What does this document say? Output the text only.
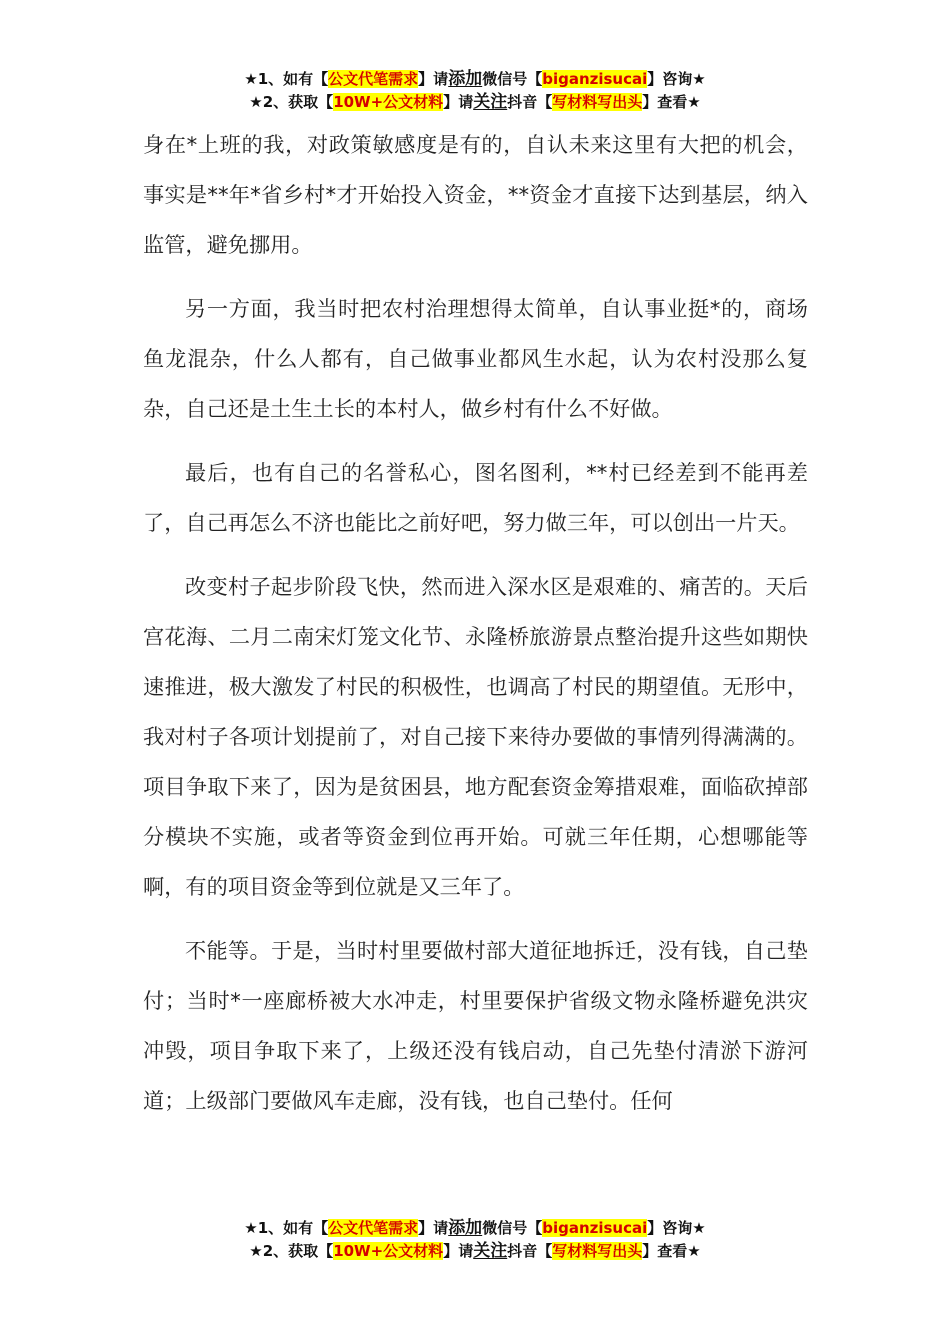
★1、如有【公文代笔需求】请添加微信号【biganzisucai】咨询★
★2、获取【10W+公文材料】请关注抖音【写材料写出头】查看★

身在*上班的我，对政策敏感度是有的，自认未来这里有大把的机会，事实是**年*省乡村*才开始投入资金，**资金才直接下达到基层，纳入监管，避免挪用。

另一方面，我当时把农村治理想得太简单，自认事业挺*的，商场鱼龙混杂，什么人都有，自己做事业都风生水起，认为农村没那么复杂，自己还是土生土长的本村人，做乡村有什么不好做。

最后，也有自己的名誉私心，图名图利，**村已经差到不能再差了，自己再怎么不济也能比之前好吧，努力做三年，可以创出一片天。

改变村子起步阶段飞快，然而进入深水区是艰难的、痛苦的。天后宫花海、二月二南宋灯笼文化节、永隆桥旅游景点整治提升这些如期快速推进，极大激发了村民的积极性，也调高了村民的期望值。无形中，我对村子各项计划提前了，对自己接下来待办要做的事情列得满满的。项目争取下来了，因为是贫困县，地方配套资金筹措艰难，面临砍掉部分模块不实施，或者等资金到位再开始。可就三年任期，心想哪能等啊，有的项目资金等到位就是又三年了。

不能等。于是，当时村里要做村部大道征地拆迁，没有钱，自己垫付；当时*一座廊桥被大水冲走，村里要保护省级文物永隆桥避免洪灾冲毁，项目争取下来了，上级还没有钱启动，自己先垫付清淤下游河道；上级部门要做风车走廊，没有钱，也自己垫付。任何

★1、如有【公文代笔需求】请添加微信号【biganzisucai】咨询★
★2、获取【10W+公文材料】请关注抖音【写材料写出头】查看★
